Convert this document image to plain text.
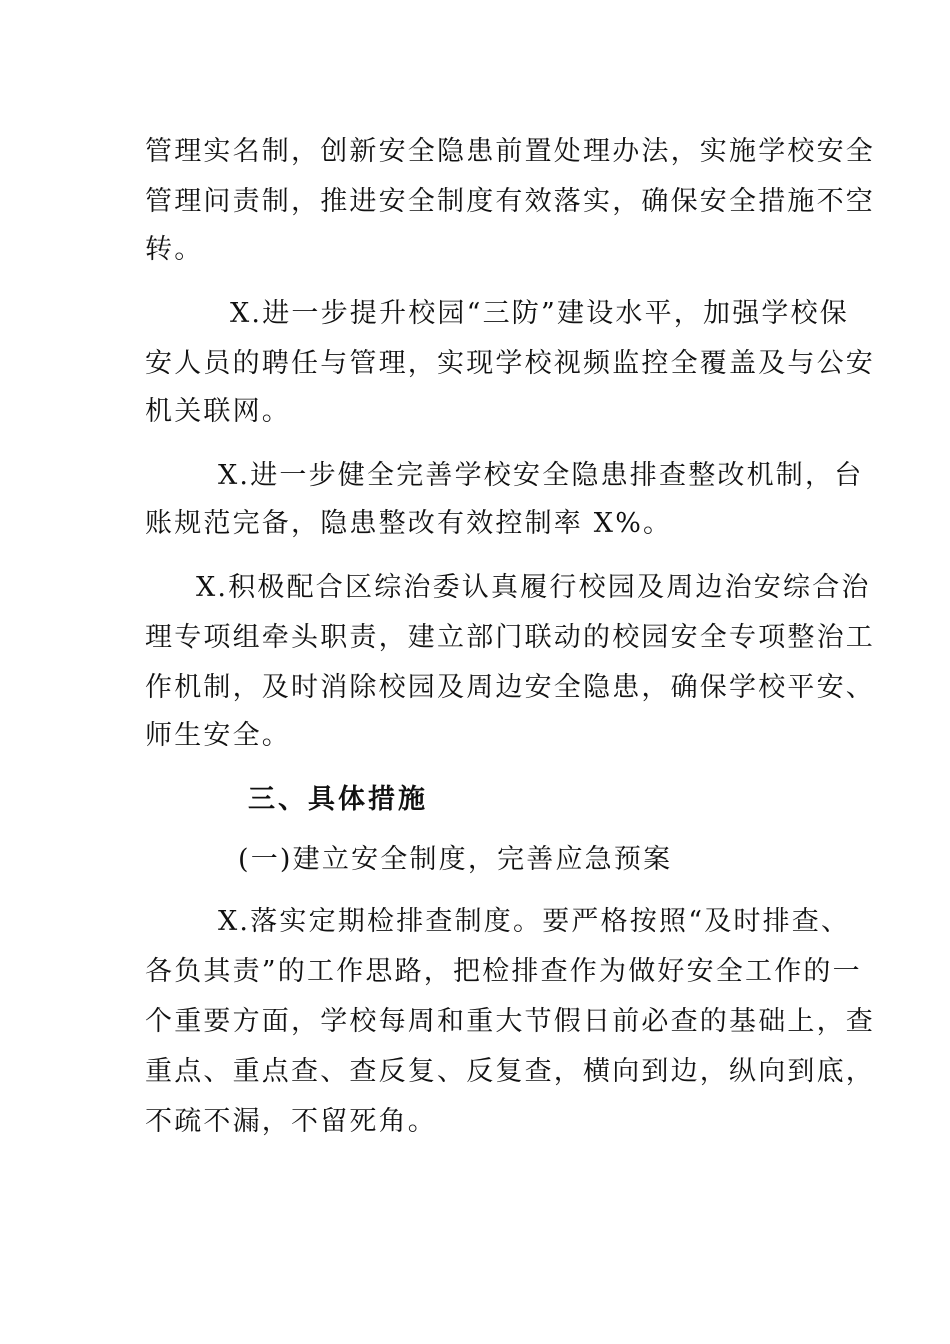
管理实名制，创新安全隐患前置处理办法，实施学校安全
管理问责制，推进安全制度有效落实，确保安全措施不空
转。
X.进一步提升校园“三防”建设水平，加强学校保
安人员的聘任与管理，实现学校视频监控全覆盖及与公安
机关联网。
X.进一步健全完善学校安全隐患排查整改机制，台
账规范完备，隐患整改有效控制率 X%。
X.积极配合区综治委认真履行校园及周边治安综合治
理专项组牵头职责，建立部门联动的校园安全专项整治工
作机制，及时消除校园及周边安全隐患，确保学校平安、
师生安全。
三、具体措施
(一)建立安全制度，完善应急预案
X.落实定期检排查制度。要严格按照“及时排查、
各负其责”的工作思路，把检排查作为做好安全工作的一
个重要方面，学校每周和重大节假日前必查的基础上，查
重点、重点查、查反复、反复查，横向到边，纵向到底，
不疏不漏，不留死角。
